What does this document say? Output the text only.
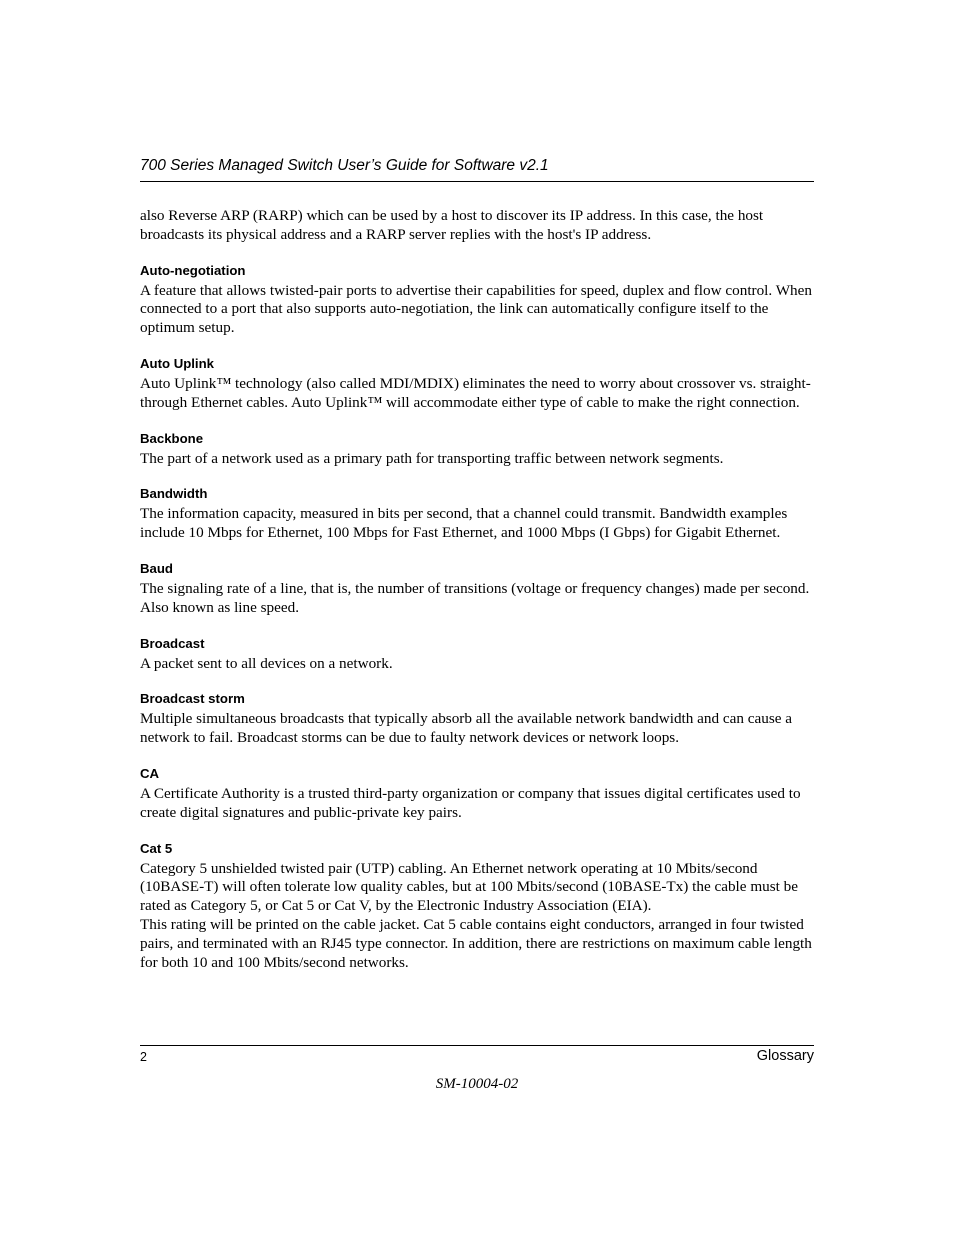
700 Series Managed Switch User’s Guide for Software v2.1

also Reverse ARP (RARP) which can be used by a host to discover its IP address. In this case, the host broadcasts its physical address and a RARP server replies with the host's IP address.

Auto-negotiation

A feature that allows twisted-pair ports to advertise their capabilities for speed, duplex and flow control. When connected to a port that also supports auto-negotiation, the link can automatically configure itself to the optimum setup.

Auto Uplink

Auto Uplink™ technology (also called MDI/MDIX) eliminates the need to worry about crossover vs. straight-through Ethernet cables. Auto Uplink™ will accommodate either type of cable to make the right connection.

Backbone

The part of a network used as a primary path for transporting traffic between network segments.

Bandwidth

The information capacity, measured in bits per second, that a channel could transmit. Bandwidth examples include 10 Mbps for Ethernet, 100 Mbps for Fast Ethernet, and 1000 Mbps (I Gbps) for Gigabit Ethernet.

Baud

The signaling rate of a line, that is, the number of transitions (voltage or frequency changes) made per second. Also known as line speed.

Broadcast

A packet sent to all devices on a network.

Broadcast storm

Multiple simultaneous broadcasts that typically absorb all the available network bandwidth and can cause a network to fail. Broadcast storms can be due to faulty network devices or network loops.

CA

A Certificate Authority is a trusted third-party organization or company that issues digital certificates used to create digital signatures and public-private key pairs.

Cat 5

Category 5 unshielded twisted pair (UTP) cabling. An Ethernet network operating at 10 Mbits/second (10BASE-T) will often tolerate low quality cables, but at 100 Mbits/second (10BASE-Tx) the cable must be rated as Category 5, or Cat 5 or Cat V, by the Electronic Industry Association (EIA).

This rating will be printed on the cable jacket. Cat 5 cable contains eight conductors, arranged in four twisted pairs, and terminated with an RJ45 type connector. In addition, there are restrictions on maximum cable length for both 10 and 100 Mbits/second networks.

2	Glossary
SM-10004-02
